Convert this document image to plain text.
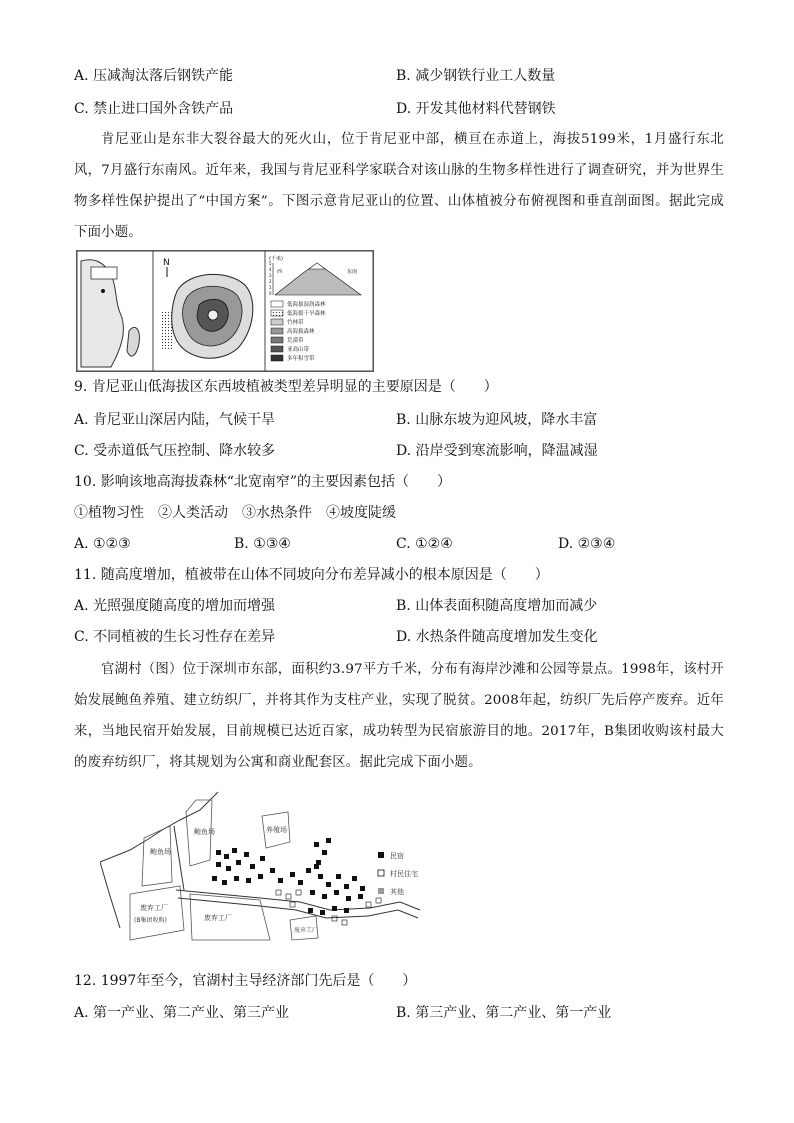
A. 压减淘汰落后钢铁产能	B. 减少钢铁行业工人数量
C. 禁止进口国外含铁产品	D. 开发其他材料代替钢铁
肯尼亚山是东非大裂谷最大的死火山，位于肯尼亚中部，横亘在赤道上，海拔5199米，1月盛行东北风，7月盛行东南风。近年来，我国与肯尼亚科学家联合对该山脉的生物多样性进行了调查研究，并为世界生物多样性保护提出了“中国方案”。下图示意肯尼亚山的位置、山体植被分布俯视图和垂直剖面图。据此完成下面小题。
N	(千米)
5
4
3
2
1
0
西	东南
低海拔湿润森林
低海拔干旱森林
竹林带
高海拔森林
荒漠带
亚高山带
多年积雪带
9. 肯尼亚山低海拔区东西坡植被类型差异明显的主要原因是（　　）
A. 肯尼亚山深居内陆，气候干旱	B. 山脉东坡为迎风坡，降水丰富
C. 受赤道低气压控制、降水较多	D. 沿岸受到寒流影响，降温减湿
10. 影响该地高海拔森林“北宽南窄”的主要因素包括（　　）
①植物习性　②人类活动　③水热条件　④坡度陡缓
A. ①②③	B. ①③④	C. ①②④	D. ②③④
11. 随高度增加，植被带在山体不同坡向分布差异减小的根本原因是（　　）
A. 光照强度随高度的增加而增强	B. 山体表面积随高度增加而减少
C. 不同植被的生长习性存在差异	D. 水热条件随高度增加发生变化
官湖村（图）位于深圳市东部，面积约3.97平方千米，分布有海岸沙滩和公园等景点。1998年，该村开始发展鲍鱼养殖、建立纺织厂，并将其作为支柱产业，实现了脱贫。2008年起，纺织厂先后停产废弃。近年来，当地民宿开始发展，目前规模已达近百家，成功转型为民宿旅游目的地。2017年，B集团收购该村最大的废弃纺织厂，将其规划为公寓和商业配套区。据此完成下面小题。
鲍鱼场
鲍鱼场	养殖场
废弃工厂
(B集团收购)	废弃工厂
废弃工厂
民宿
村民住宅
其他
12. 1997年至今，官湖村主导经济部门先后是（　　）
A. 第一产业、第二产业、第三产业	B. 第三产业、第二产业、第一产业
